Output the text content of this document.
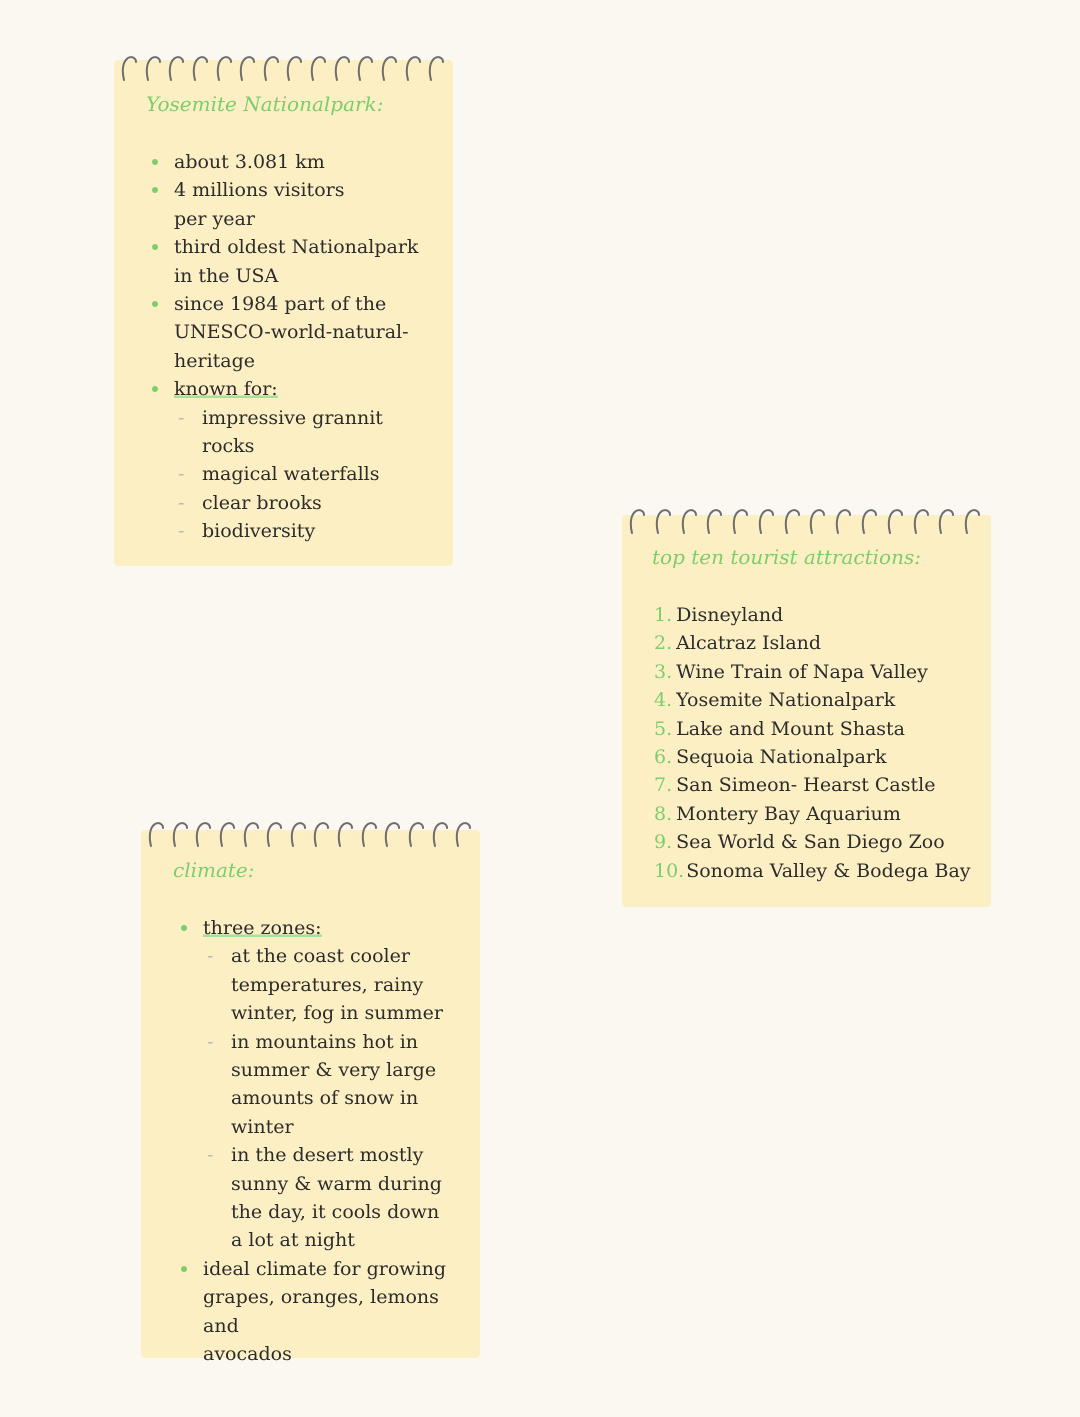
Yosemite Nationalpark:
about 3.081 km
4 millions visitors
per year
third oldest Nationalpark
in the USA
since 1984 part of the
UNESCO-world-natural-
heritage
known for:
- impressive grannit
rocks
- magical waterfalls
- clear brooks
- biodiversity
top ten tourist attractions:
1. Disneyland
2. Alcatraz Island
3. Wine Train of Napa Valley
4. Yosemite Nationalpark
5. Lake and Mount Shasta
6. Sequoia Nationalpark
7. San Simeon- Hearst Castle
8. Montery Bay Aquarium
9. Sea World & San Diego Zoo
10. Sonoma Valley & Bodega Bay
climate:
three zones:
- at the coast cooler
temperatures, rainy
winter, fog in summer
- in mountains hot in
summer & very large
amounts of snow in
winter
- in the desert mostly
sunny & warm during
the day, it cools down
a lot at night
ideal climate for growing
grapes, oranges, lemons and
avocados
